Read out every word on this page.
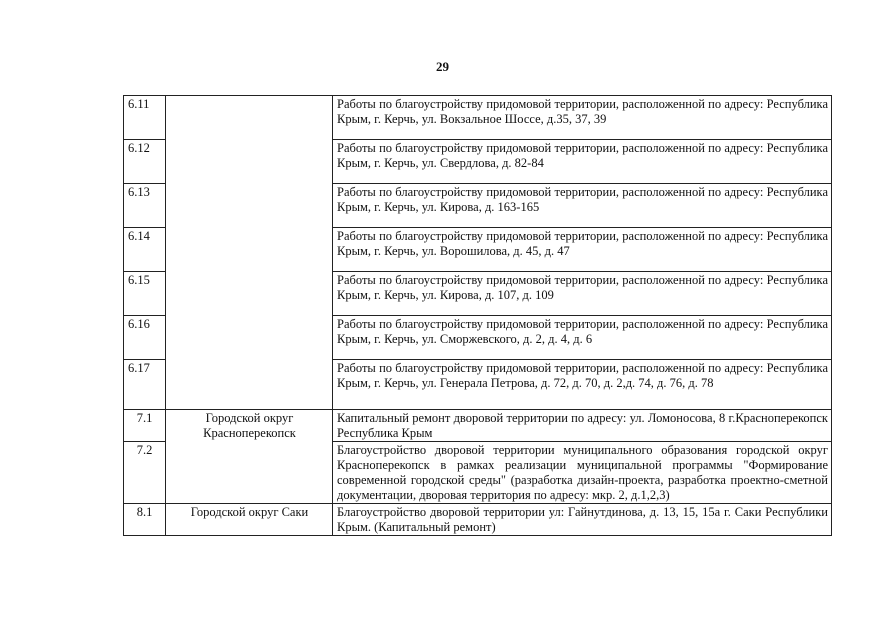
29
6.11		Работы по благоустройству придомовой территории, расположенной по адресу: Республика Крым, г. Керчь, ул. Вокзальное Шоссе, д.35, 37, 39
6.12		Работы по благоустройству придомовой территории, расположенной по адресу: Республика Крым, г. Керчь, ул. Свердлова, д. 82-84
6.13		Работы по благоустройству придомовой территории, расположенной по адресу: Республика Крым, г. Керчь, ул. Кирова, д. 163-165
6.14		Работы по благоустройству придомовой территории, расположенной по адресу: Республика Крым, г. Керчь, ул. Ворошилова, д. 45, д. 47
6.15		Работы по благоустройству придомовой территории, расположенной по адресу: Республика Крым, г. Керчь, ул. Кирова, д. 107, д. 109
6.16		Работы по благоустройству придомовой территории, расположенной по адресу: Республика Крым, г. Керчь, ул. Сморжевского, д. 2, д. 4, д. 6
6.17		Работы по благоустройству придомовой территории, расположенной по адресу: Республика Крым, г. Керчь, ул. Генерала Петрова, д. 72, д. 70, д. 2,д. 74, д. 76, д. 78
7.1	Городской округ Красноперекопск	Капитальный ремонт дворовой территории по адресу: ул. Ломоносова, 8 г.Красноперекопск Республика Крым
7.2		Благоустройство дворовой территории муниципального образования городской округ Красноперекопск в рамках реализации муниципальной программы "Формирование современной городской среды" (разработка дизайн-проекта, разработка проектно-сметной документации, дворовая территория по адресу: мкр. 2, д.1,2,3)
8.1	Городской округ Саки	Благоустройство дворовой территории ул: Гайнутдинова, д. 13, 15, 15а г. Саки Республики Крым. (Капитальный ремонт)
